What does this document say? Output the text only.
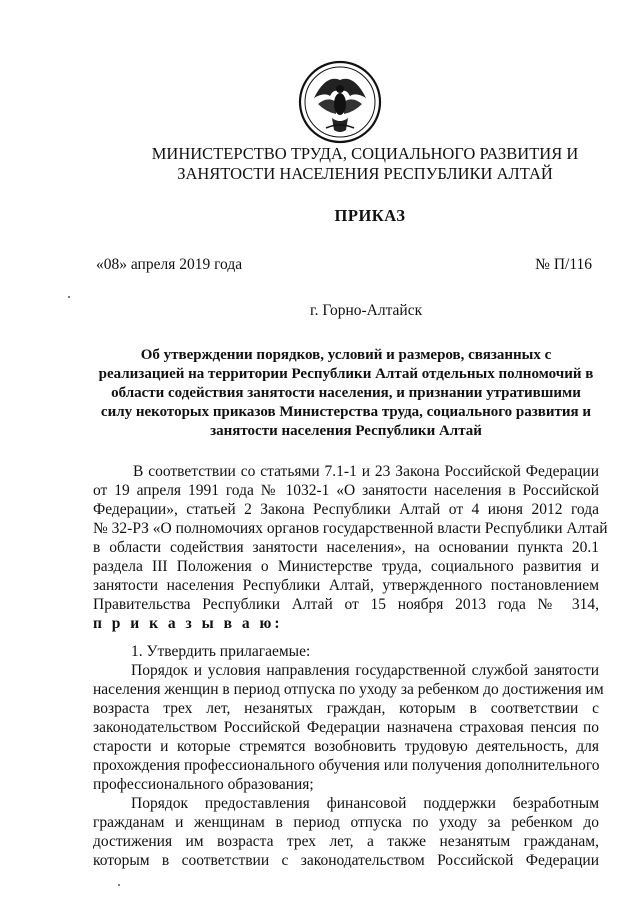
МИНИСТЕРСТВО ТРУДА, СОЦИАЛЬНОГО РАЗВИТИЯ И
ЗАНЯТОСТИ НАСЕЛЕНИЯ РЕСПУБЛИКИ АЛТАЙ
ПРИКАЗ
«08» апреля 2019 года	№ П/116
г. Горно-Алтайск
Об утверждении порядков, условий и размеров, связанных с
реализацией на территории Республики Алтай отдельных полномочий в
области содействия занятости населения, и признании утратившими
силу некоторых приказов Министерства труда, социального развития и
занятости населения Республики Алтай
В соответствии со статьями 7.1-1 и 23 Закона Российской Федерации
от 19 апреля 1991 года № 1032-1 «О занятости населения в Российской
Федерации», статьей 2 Закона Республики Алтай от 4 июня 2012 года
№ 32-РЗ «О полномочиях органов государственной власти Республики Алтай
в области содействия занятости населения», на основании пункта 20.1
раздела III Положения о Министерстве труда, социального развития и
занятости населения Республики Алтай, утвержденного постановлением
Правительства Республики Алтай от 15 ноября 2013 года № 314,
п р и к а з ы в а ю:
1. Утвердить прилагаемые:
Порядок и условия направления государственной службой занятости
населения женщин в период отпуска по уходу за ребенком до достижения им
возраста трех лет, незанятых граждан, которым в соответствии с
законодательством Российской Федерации назначена страховая пенсия по
старости и которые стремятся возобновить трудовую деятельность, для
прохождения профессионального обучения или получения дополнительного
профессионального образования;
Порядок предоставления финансовой поддержки безработным
гражданам и женщинам в период отпуска по уходу за ребенком до
достижения им возраста трех лет, а также незанятым гражданам,
которым в соответствии с законодательством Российской Федерации
